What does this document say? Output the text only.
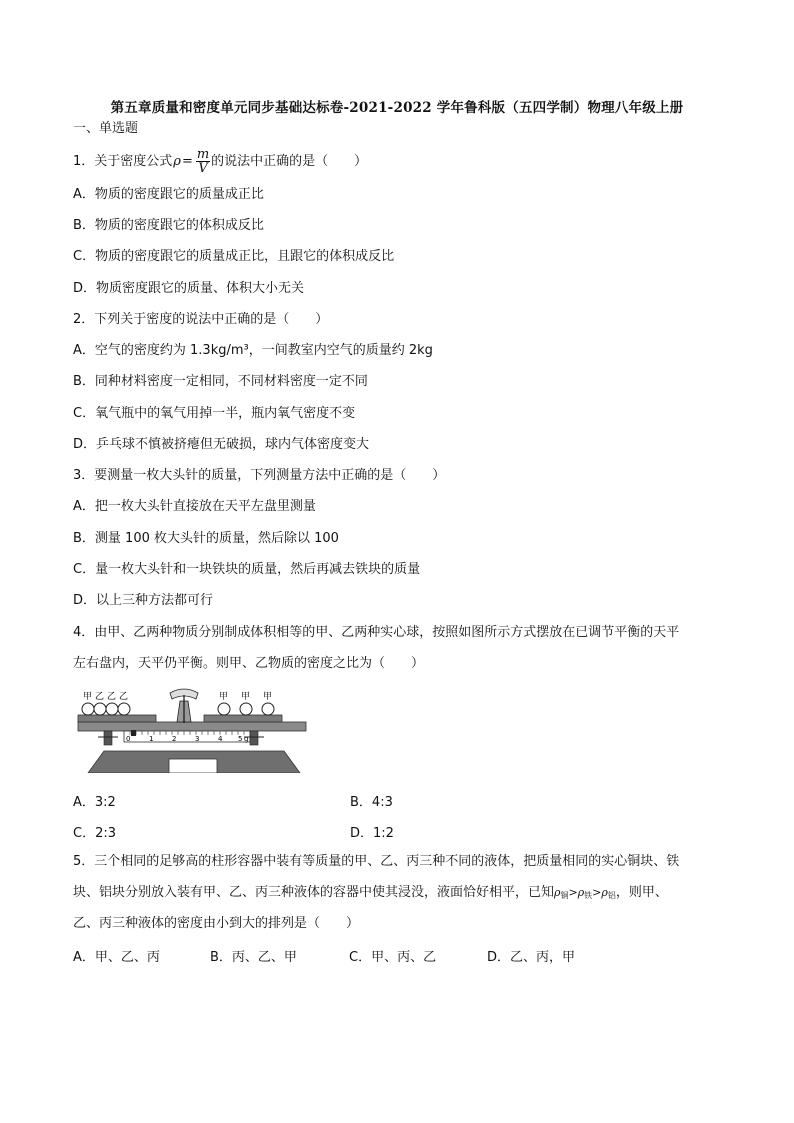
第五章质量和密度单元同步基础达标卷-2021-2022 学年鲁科版（五四学制）物理八年级上册
一、单选题
1．关于密度公式 $\rho = \frac{m}{V}$ 的说法中正确的是（　　）
A．物质的密度跟它的质量成正比
B．物质的密度跟它的体积成反比
C．物质的密度跟它的质量成正比，且跟它的体积成反比
D．物质密度跟它的质量、体积大小无关
2．下列关于密度的说法中正确的是（　　）
A．空气的密度约为 1.3kg/m³，一间教室内空气的质量约 2kg
B．同种材料密度一定相同，不同材料密度一定不同
C．氧气瓶中的氧气用掉一半，瓶内氧气密度不变
D．乒乓球不慎被挤瘪但无破损，球内气体密度变大
3．要测量一枚大头针的质量，下列测量方法中正确的是（　　）
A．把一枚大头针直接放在天平左盘里测量
B．测量 100 枚大头针的质量，然后除以 100
C．量一枚大头针和一块铁块的质量，然后再减去铁块的质量
D．以上三种方法都可行
4．由甲、乙两种物质分别制成体积相等的甲、乙两种实心球，按照如图所示方式摆放在已调节平衡的天平
左右盘内，天平仍平衡。则甲、乙物质的密度之比为（　　）
甲 乙 乙 乙	甲 甲 甲
0	1	2	3	4 5 g
A．3:2	B．4:3
C．2:3	D．1:2
5．三个相同的足够高的柱形容器中装有等质量的甲、乙、丙三种不同的液体，把质量相同的实心铜块、铁
块、铝块分别放入装有甲、乙、丙三种液体的容器中使其浸没，液面恰好相平，已知$\rho_铜>\rho_铁>\rho_铝$，则甲、
乙、丙三种液体的密度由小到大的排列是（　　）
A．甲、乙、丙	B．丙、乙、甲	C．甲、丙、乙	D．乙、丙，甲
